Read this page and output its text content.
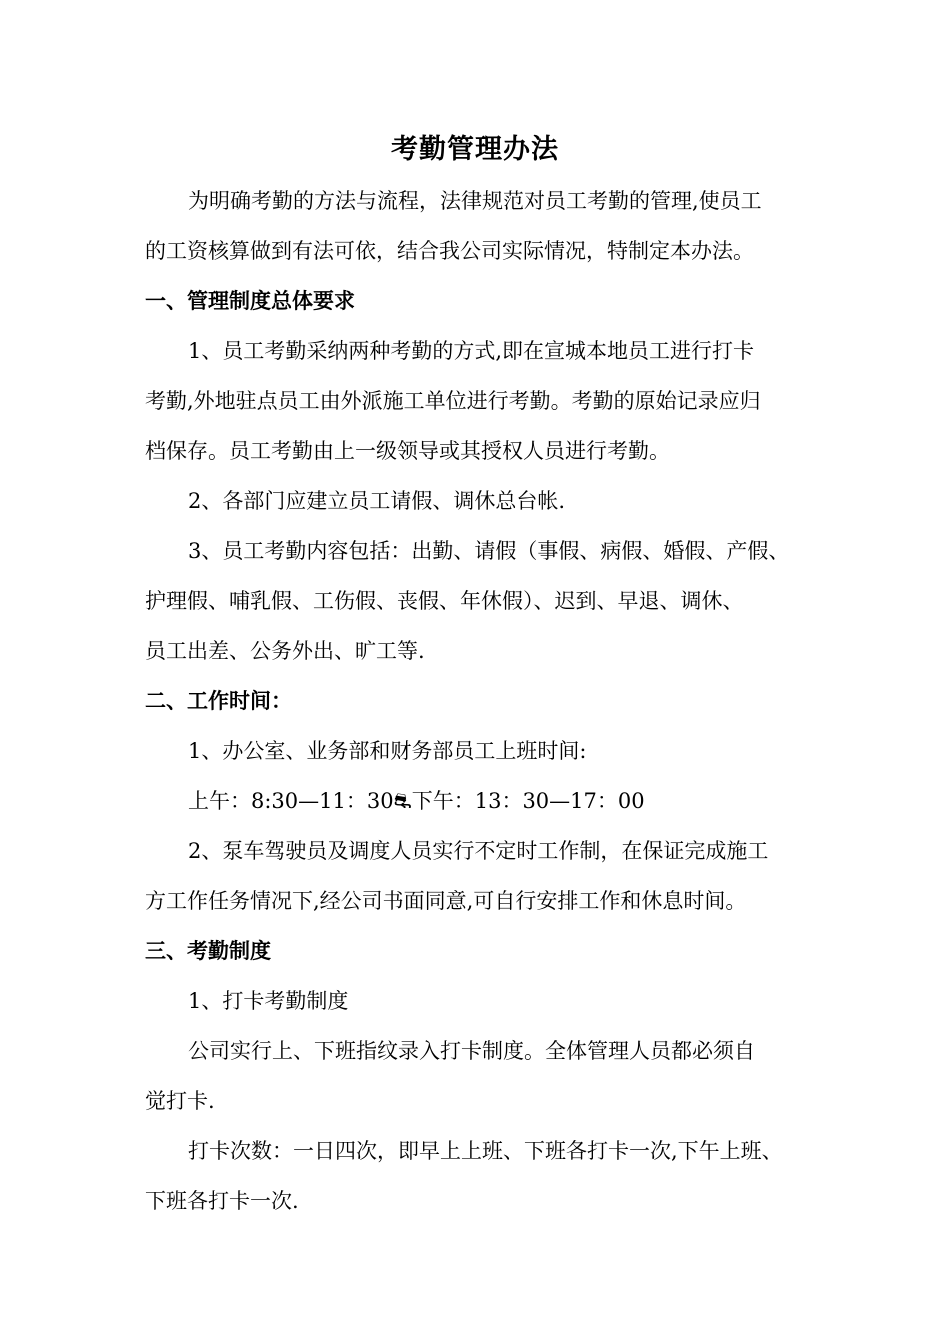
考勤管理办法
为明确考勤的方法与流程，法律规范对员工考勤的管理,使员工
的工资核算做到有法可依，结合我公司实际情况，特制定本办法。
一、管理制度总体要求
1、员工考勤采纳两种考勤的方式,即在宣城本地员工进行打卡
考勤,外地驻点员工由外派施工单位进行考勤。考勤的原始记录应归
档保存。员工考勤由上一级领导或其授权人员进行考勤。
2、各部门应建立员工请假、调休总台帐.
3、员工考勤内容包括：出勤、请假（事假、病假、婚假、产假、
护理假、哺乳假、工伤假、丧假、年休假）、迟到、早退、调休、
员工出差、公务外出、旷工等.
二、工作时间：
1、办公室、业务部和财务部员工上班时间:
上午：8:30—11：30⛐下午：13：30—17：00
2、泵车驾驶员及调度人员实行不定时工作制，在保证完成施工
方工作任务情况下,经公司书面同意,可自行安排工作和休息时间。
三、考勤制度
1、打卡考勤制度
公司实行上、下班指纹录入打卡制度。全体管理人员都必须自
觉打卡.
打卡次数：一日四次，即早上上班、下班各打卡一次,下午上班、
下班各打卡一次.
